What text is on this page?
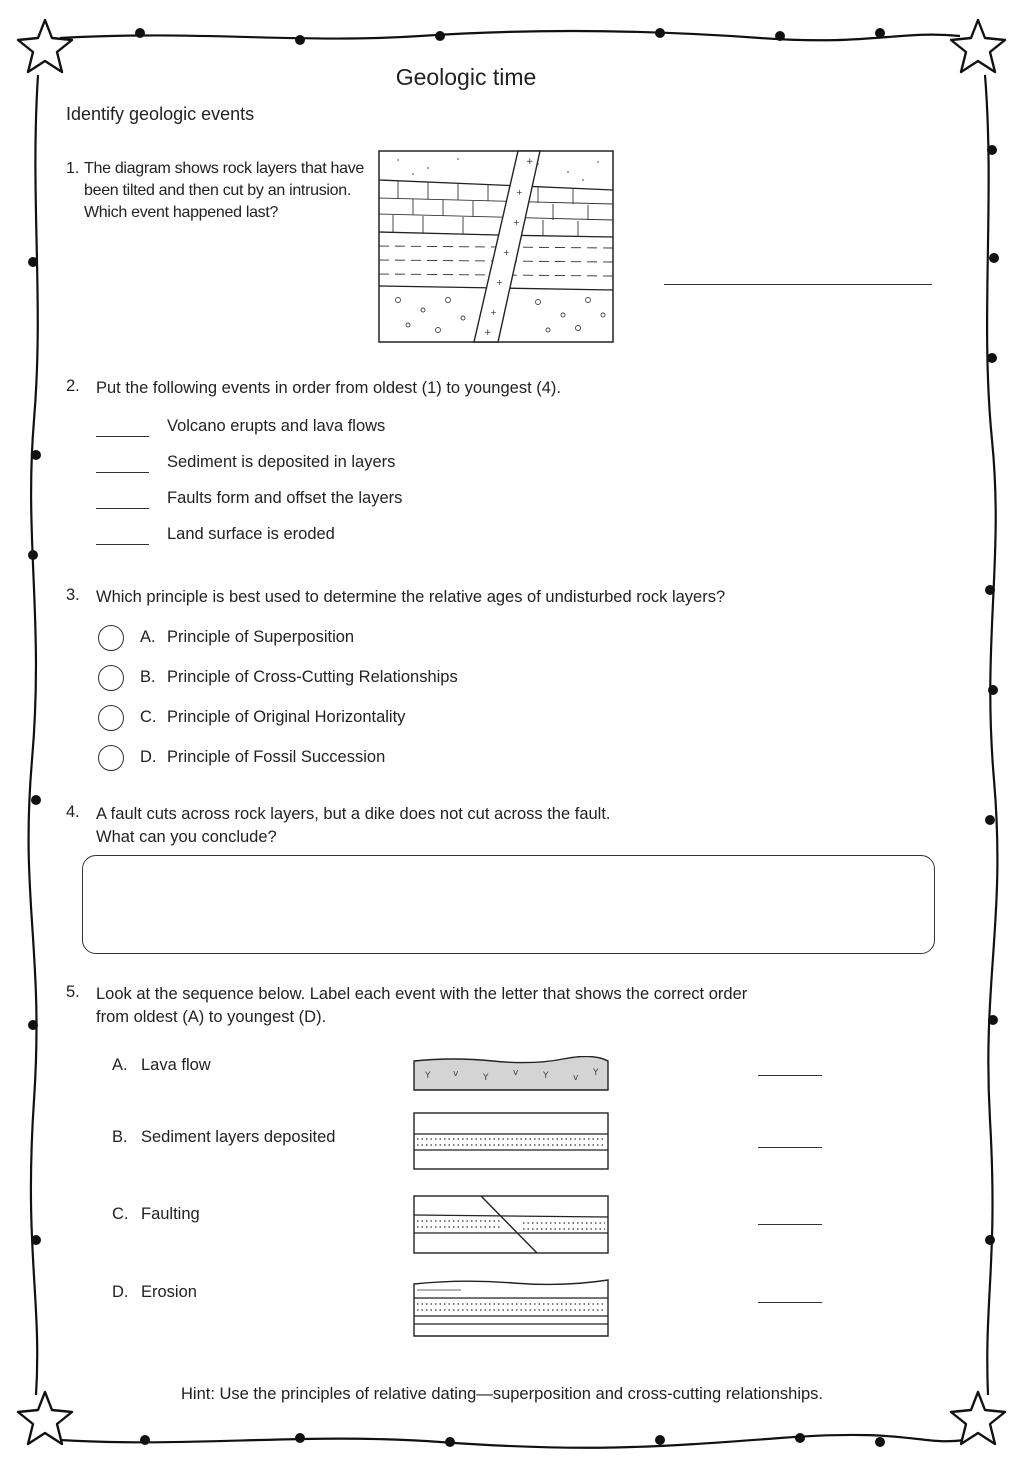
Geologic time
Identify geologic events
1. The diagram shows rock layers that have been tilted and then cut by an intrusion. Which event happened last?
+
+
+
+
+
+
+
2. Put the following events in order from oldest (1) to youngest (4).
Volcano erupts and lava flows
Sediment is deposited in layers
Faults form and offset the layers
Land surface is eroded
3. Which principle is best used to determine the relative ages of undisturbed rock layers?
A. Principle of Superposition
B. Principle of Cross-Cutting Relationships
C. Principle of Original Horizontality
D. Principle of Fossil Succession
4. A fault cuts across rock layers, but a dike does not cut across the fault.
What can you conclude?
5. Look at the sequence below. Label each event with the letter that shows the correct order
from oldest (A) to youngest (D).
A. Lava flow
Y	v	Y	v	Y	v Y
B. Sediment layers deposited
C. Faulting
D. Erosion
Hint: Use the principles of relative dating—superposition and cross-cutting relationships.
